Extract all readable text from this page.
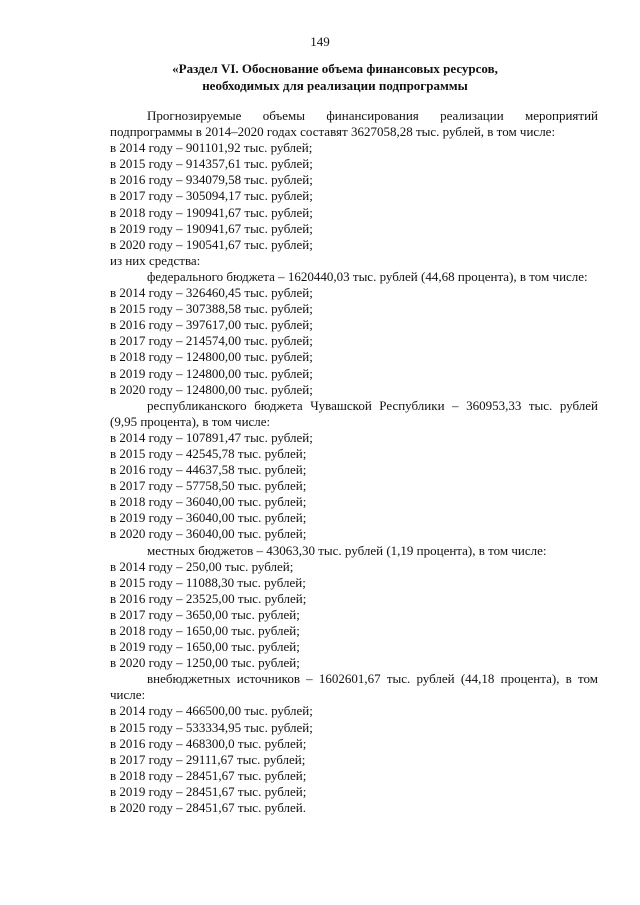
149
«Раздел VI. Обоснование объема финансовых ресурсов,
необходимых для реализации подпрограммы

Прогнозируемые объемы финансирования реализации мероприятий подпрограммы в 2014–2020 годах составят 3627058,28 тыс. рублей, в том числе:

в 2014 году – 901101,92 тыс. рублей;

в 2015 году – 914357,61 тыс. рублей;

в 2016 году – 934079,58 тыс. рублей;

в 2017 году – 305094,17 тыс. рублей;

в 2018 году – 190941,67 тыс. рублей;

в 2019 году – 190941,67 тыс. рублей;

в 2020 году – 190541,67 тыс. рублей;

из них средства:

федерального бюджета – 1620440,03 тыс. рублей (44,68 процента), в том числе:

в 2014 году – 326460,45 тыс. рублей;

в 2015 году – 307388,58 тыс. рублей;

в 2016 году – 397617,00 тыс. рублей;

в 2017 году – 214574,00 тыс. рублей;

в 2018 году – 124800,00 тыс. рублей;

в 2019 году – 124800,00 тыс. рублей;

в 2020 году – 124800,00 тыс. рублей;

республиканского бюджета Чувашской Республики – 360953,33 тыс. рублей (9,95 процента), в том числе:

в 2014 году – 107891,47 тыс. рублей;

в 2015 году – 42545,78 тыс. рублей;

в 2016 году – 44637,58 тыс. рублей;

в 2017 году – 57758,50 тыс. рублей;

в 2018 году – 36040,00 тыс. рублей;

в 2019 году – 36040,00 тыс. рублей;

в 2020 году – 36040,00 тыс. рублей;

местных бюджетов – 43063,30 тыс. рублей (1,19 процента), в том числе:

в 2014 году – 250,00 тыс. рублей;

в 2015 году – 11088,30 тыс. рублей;

в 2016 году – 23525,00 тыс. рублей;

в 2017 году – 3650,00 тыс. рублей;

в 2018 году – 1650,00 тыс. рублей;

в 2019 году – 1650,00 тыс. рублей;

в 2020 году – 1250,00 тыс. рублей;

внебюджетных источников – 1602601,67 тыс. рублей (44,18 процента), в том числе:

в 2014 году – 466500,00 тыс. рублей;

в 2015 году – 533334,95 тыс. рублей;

в 2016 году – 468300,0 тыс. рублей;

в 2017 году – 29111,67 тыс. рублей;

в 2018 году – 28451,67 тыс. рублей;

в 2019 году – 28451,67 тыс. рублей;

в 2020 году – 28451,67 тыс. рублей.
